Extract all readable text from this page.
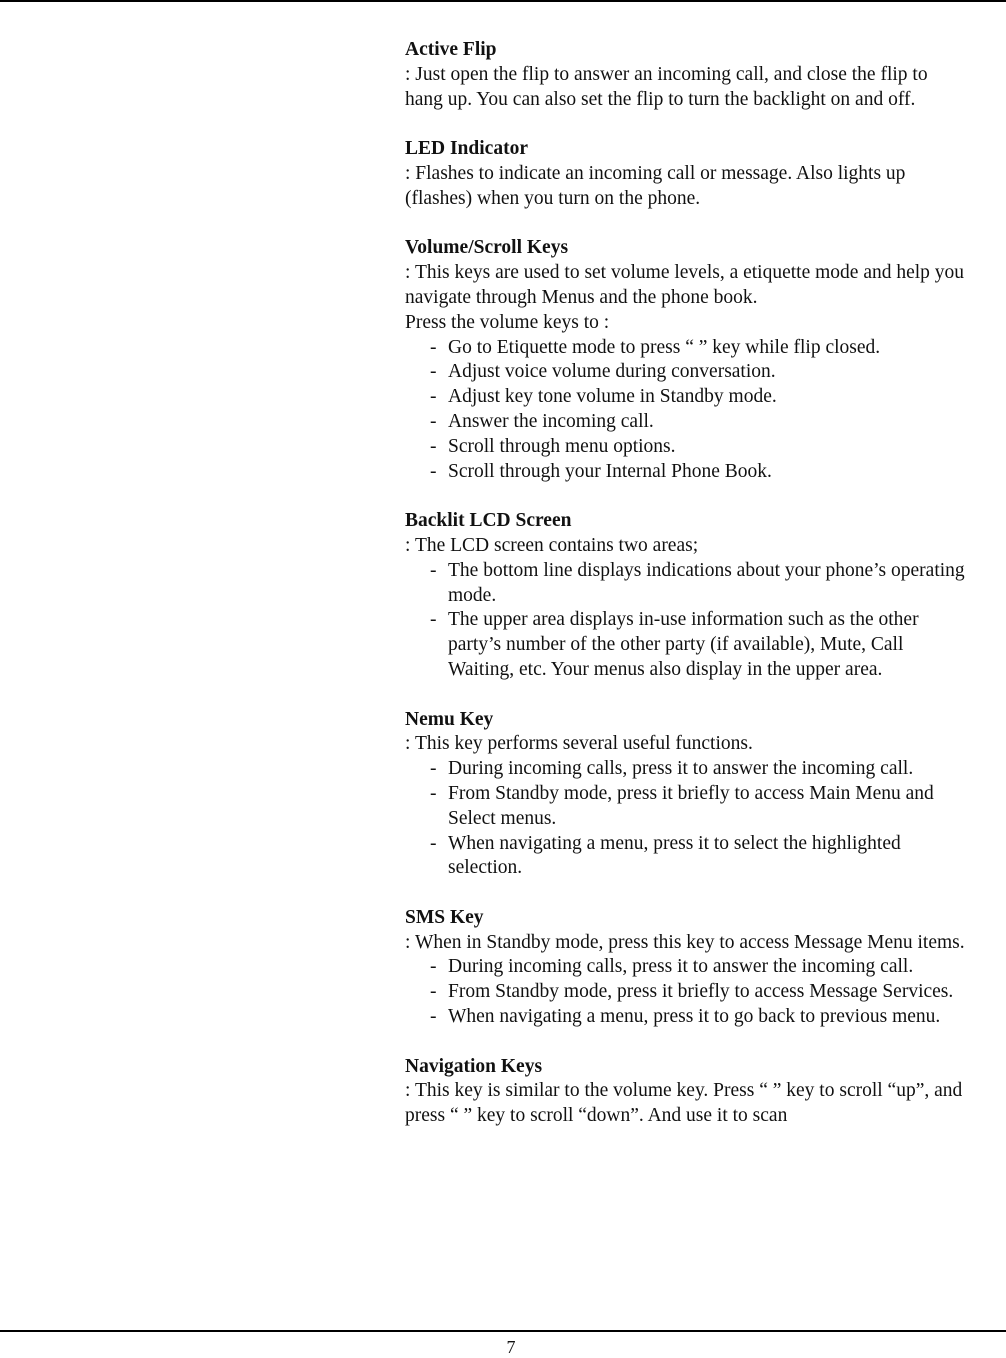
Active Flip
: Just open the flip to answer an incoming call, and close the flip to hang up. You can also set the flip to turn the backlight on and off.
LED Indicator
: Flashes to indicate an incoming call or message. Also lights up (flashes) when you turn on the phone.
Volume/Scroll Keys
: This keys are used to set volume levels, a etiquette mode and help you navigate through Menus and the phone book.
Press the volume keys to :
- Go to Etiquette mode to press “ ” key while flip closed.
- Adjust voice volume during conversation.
- Adjust key tone volume in Standby mode.
- Answer the incoming call.
- Scroll through menu options.
- Scroll through your Internal Phone Book.
Backlit LCD Screen
: The LCD screen contains two areas;
- The bottom line displays indications about your phone’s operating mode.
- The upper area displays in-use information such as the other party’s number of the other party (if available), Mute, Call Waiting, etc. Your menus also display in the upper area.
Nemu Key
: This key performs several useful functions.
- During incoming calls, press it to answer the incoming call.
- From Standby mode, press it briefly to access Main Menu and Select menus.
- When navigating a menu, press it to select the highlighted selection.
SMS Key
: When in Standby mode, press this key to access Message Menu items.
- During incoming calls, press it to answer the incoming call.
- From Standby mode, press it briefly to access Message Services.
- When navigating a menu, press it to go back to previous menu.
Navigation Keys
: This key is similar to the volume key. Press “ ” key to scroll “up”, and press “ ” key to scroll “down”. And use it to scan
7
